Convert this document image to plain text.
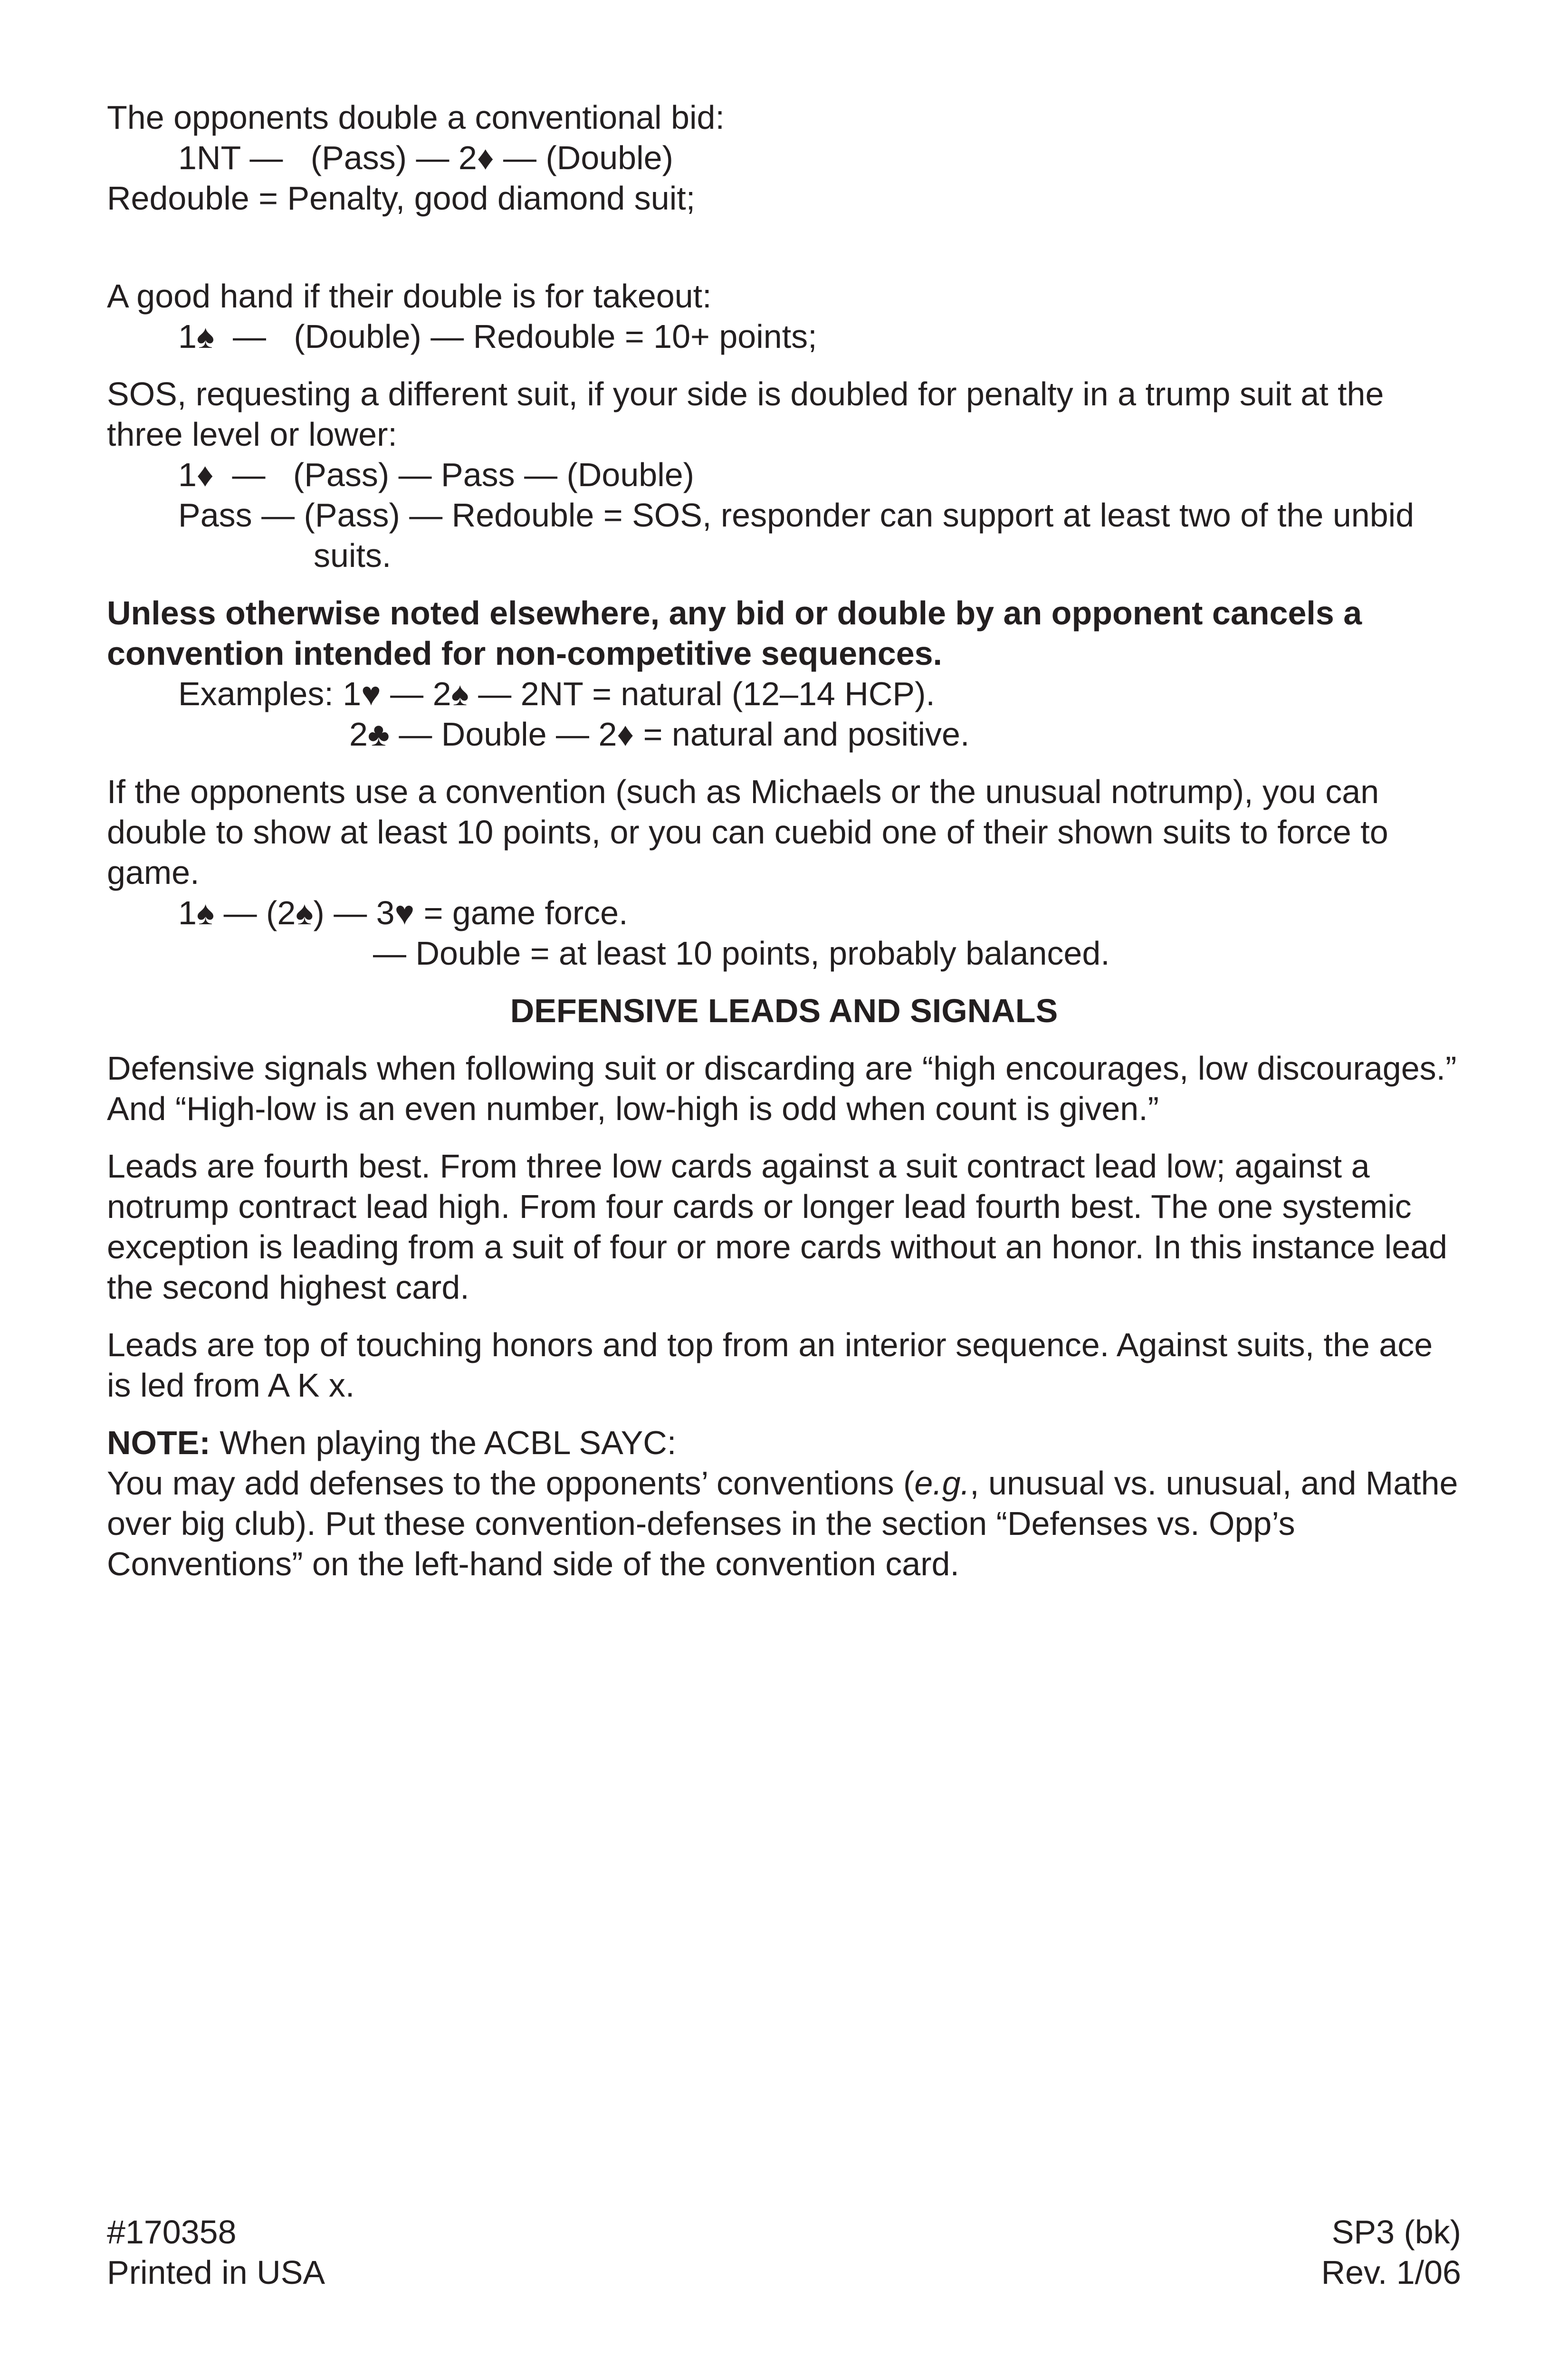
The opponents double a conventional bid:

1NT —   (Pass) — 2♦ — (Double)

Redouble = Penalty, good diamond suit;

A good hand if their double is for takeout:

1♠  —   (Double) — Redouble = 10+ points;

SOS, requesting a different suit, if your side is doubled for penalty in a trump suit at the three level or lower:

1♦  —   (Pass) — Pass — (Double)

Pass — (Pass) — Redouble = SOS, responder can support at least two of the unbid suits.

Unless otherwise noted elsewhere, any bid or double by an opponent cancels a convention intended for non-competitive sequences.

Examples: 1♥ — 2♠ — 2NT = natural (12–14 HCP).

2♣ — Double — 2♦ = natural and positive.

If the opponents use a convention (such as Michaels or the unusual notrump), you can double to show at least 10 points, or you can cuebid one of their shown suits to force to game.

1♠ — (2♠) — 3♥ = game force.

— Double = at least 10 points, probably balanced.

DEFENSIVE LEADS AND SIGNALS

Defensive signals when following suit or discarding are “high encourages, low discourages.” And “High-low is an even number, low-high is odd when count is given.”

Leads are fourth best. From three low cards against a suit contract lead low; against a notrump contract lead high. From four cards or longer lead fourth best. The one systemic exception is leading from a suit of four or more cards without an honor. In this instance lead the second highest card.

Leads are top of touching honors and top from an interior sequence. Against suits, the ace is led from A K x.

NOTE: When playing the ACBL SAYC:

You may add defenses to the opponents’ conventions (e.g., unusual vs. unusual, and Mathe over big club). Put these convention-defenses in the section “Defenses vs. Opp’s Conventions” on the left-hand side of the convention card.

#170358
Printed in USA
SP3 (bk)
Rev. 1/06
